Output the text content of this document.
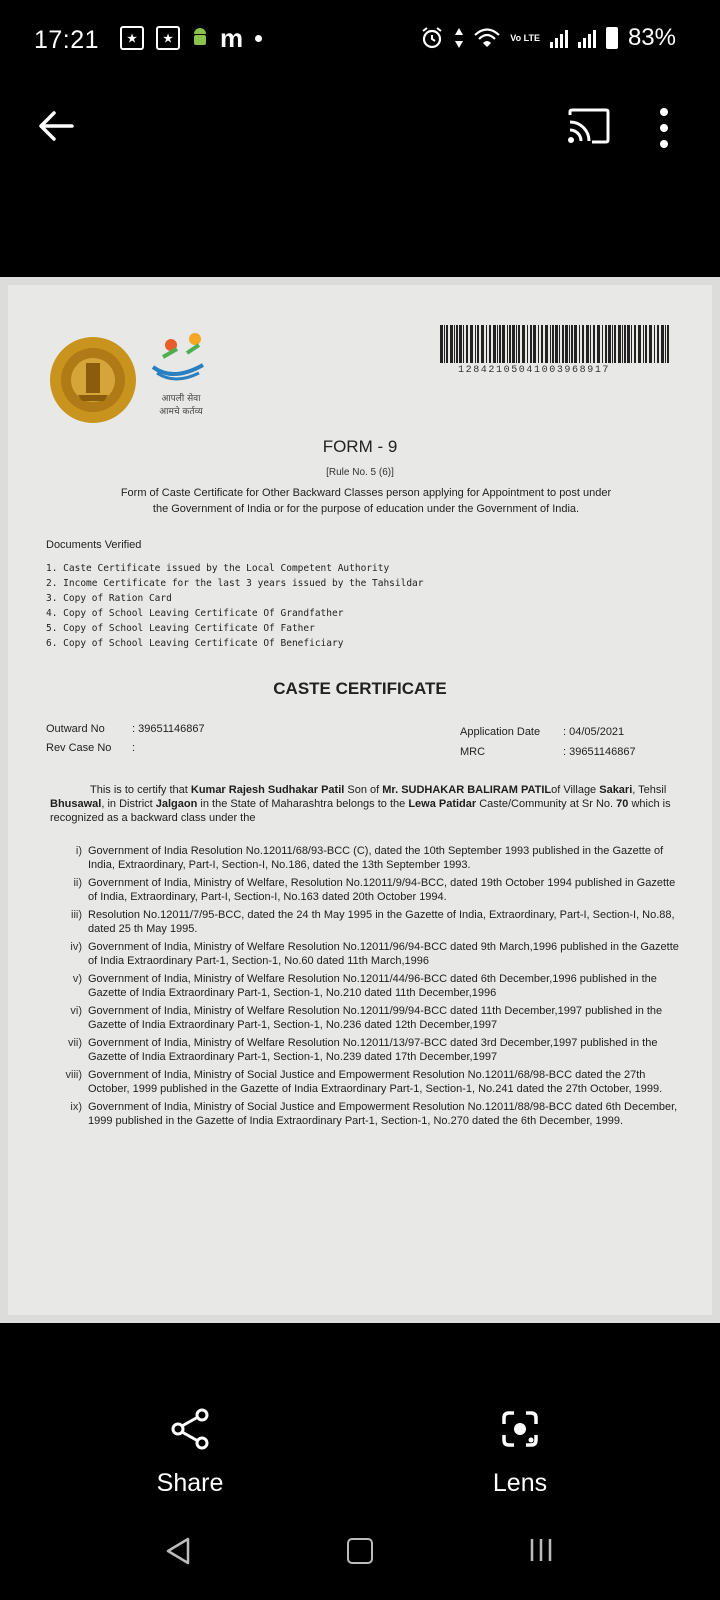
17:21	★	★ m	Vo LTE	83%
आपली सेवा
आमचे कर्तव्य
12842105041003968917
FORM - 9
[Rule No. 5 (6)]
Form of Caste Certificate for Other Backward Classes person applying for Appointment to post under
the Government of India or for the purpose of education under the Government of India.
Documents Verified
1. Caste Certificate issued by the Local Competent Authority
2. Income Certificate for the last 3 years issued by the Tahsildar
3. Copy of Ration Card
4. Copy of School Leaving Certificate Of Grandfather
5. Copy of School Leaving Certificate Of Father
6. Copy of School Leaving Certificate Of Beneficiary
CASTE CERTIFICATE
Outward No : 39651146867
Rev Case No :
Application Date : 04/05/2021
MRC	: 39651146867
This is to certify that Kumar Rajesh Sudhakar Patil Son of Mr. SUDHAKAR BALIRAM PATILof Village Sakari, Tehsil Bhusawal, in District Jalgaon in the State of Maharashtra belongs to the Lewa Patidar Caste/Community at Sr No. 70 which is recognized as a backward class under the
i) Government of India Resolution No.12011/68/93-BCC (C), dated the 10th September 1993 published in the Gazette of India, Extraordinary, Part-I, Section-I, No.186, dated the 13th September 1993.
ii) Government of India, Ministry of Welfare, Resolution No.12011/9/94-BCC, dated 19th October 1994 published in Gazette of India, Extraordinary, Part-I, Section-I, No.163 dated 20th October 1994.
iii) Resolution No.12011/7/95-BCC, dated the 24 th May 1995 in the Gazette of India, Extraordinary, Part-I, Section-I, No.88, dated 25 th May 1995.
iv) Government of India, Ministry of Welfare Resolution No.12011/96/94-BCC dated 9th March,1996 published in the Gazette of India Extraordinary Part-1, Section-1, No.60 dated 11th March,1996
v) Government of India, Ministry of Welfare Resolution No.12011/44/96-BCC dated 6th December,1996 published in the Gazette of India Extraordinary Part-1, Section-1, No.210 dated 11th December,1996
vi) Government of India, Ministry of Welfare Resolution No.12011/99/94-BCC dated 11th December,1997 published in the Gazette of India Extraordinary Part-1, Section-1, No.236 dated 12th December,1997
vii) Government of India, Ministry of Welfare Resolution No.12011/13/97-BCC dated 3rd December,1997 published in the Gazette of India Extraordinary Part-1, Section-1, No.239 dated 17th December,1997
viii) Government of India, Ministry of Social Justice and Empowerment Resolution No.12011/68/98-BCC dated the 27th October, 1999 published in the Gazette of India Extraordinary Part-1, Section-1, No.241 dated the 27th October, 1999.
ix) Government of India, Ministry of Social Justice and Empowerment Resolution No.12011/88/98-BCC dated 6th December, 1999 published in the Gazette of India Extraordinary Part-1, Section-1, No.270 dated the 6th December, 1999.
Share	Lens
